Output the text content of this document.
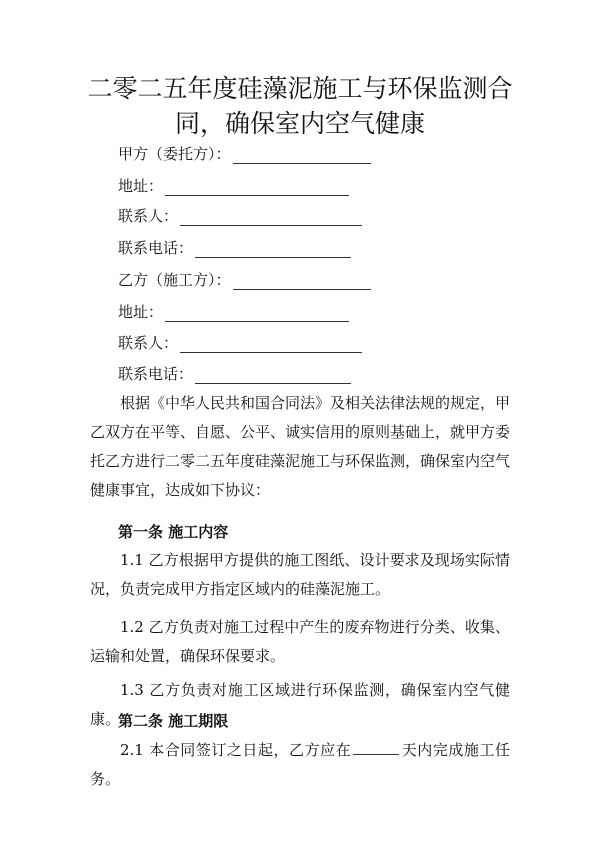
二零二五年度硅藻泥施工与环保监测合
同，确保室内空气健康
甲方（委托方）：
地址：
联系人：
联系电话：
乙方（施工方）：
地址：
联系人：
联系电话：
根据《中华人民共和国合同法》及相关法律法规的规定，甲乙双方在平等、自愿、公平、诚实信用的原则基础上，就甲方委托乙方进行二零二五年度硅藻泥施工与环保监测，确保室内空气健康事宜，达成如下协议：
第一条 施工内容
1.1 乙方根据甲方提供的施工图纸、设计要求及现场实际情况，负责完成甲方指定区域内的硅藻泥施工。
1.2 乙方负责对施工过程中产生的废弃物进行分类、收集、运输和处置，确保环保要求。
1.3 乙方负责对施工区域进行环保监测，确保室内空气健康。
第二条 施工期限
2.1 本合同签订之日起，乙方应在	天内完成施工任务。
